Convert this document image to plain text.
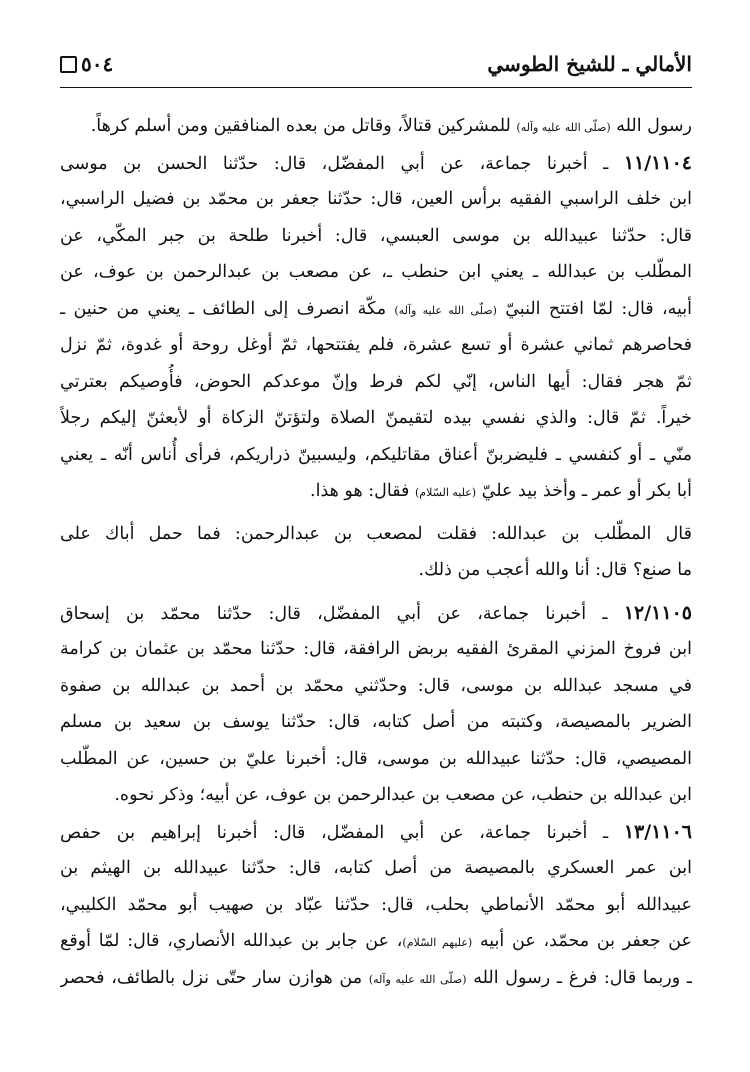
٥٠٤	الأمالي ـ للشيخ الطوسي
رسول الله (صلّى الله عليه وآله) للمشركين قتالاً، وقاتل من بعده المنافقين ومن أسلم كرهاً.
١١/١١٠٤ ـ أخبرنا جماعة، عن أبي المفضّل، قال: حدّثنا الحسن بن موسى
ابن خلف الراسبي الفقيه برأس العين، قال: حدّثنا جعفر بن محمّد بن فضيل الراسبي،
قال: حدّثنا عبيدالله بن موسى العبسي، قال: أخبرنا طلحة بن جبر المكّي، عن
المطّلب بن عبدالله ـ يعني ابن حنطب ـ، عن مصعب بن عبدالرحمن بن عوف، عن
أبيه، قال: لمّا افتتح النبيّ (صلّى الله عليه وآله) مكّة انصرف إلى الطائف ـ يعني من حنين ـ
فحاصرهم ثماني عشرة أو تسع عشرة، فلم يفتتحها، ثمّ أوغل روحة أو غدوة، ثمّ نزل
ثمّ هجر فقال: أيها الناس، إنّي لكم فرط وإنّ موعدكم الحوض، فأُوصيكم بعترتي
خيراً. ثمّ قال: والذي نفسي بيده لتقيمنّ الصلاة ولتؤتنّ الزكاة أو لأبعثنّ إليكم رجلاً
منّي ـ أو كنفسي ـ فليضربنّ أعناق مقاتليكم، وليسبينّ ذراريكم، فرأى أُناس أنّه ـ يعني
أبا بكر أو عمر ـ وأخذ بيد عليّ (عليه السّلام) فقال: هو هذا.
قال المطّلب بن عبدالله: فقلت لمصعب بن عبدالرحمن: فما حمل أباك على
ما صنع؟ قال: أنا والله أعجب من ذلك.
١٢/١١٠٥ ـ أخبرنا جماعة، عن أبي المفضّل، قال: حدّثنا محمّد بن إسحاق
ابن فروخ المزني المقرئ الفقيه بربض الرافقة، قال: حدّثنا محمّد بن عثمان بن كرامة
في مسجد عبدالله بن موسى، قال: وحدّثني محمّد بن أحمد بن عبدالله بن صفوة
الضرير بالمصيصة، وكتبته من أصل كتابه، قال: حدّثنا يوسف بن سعيد بن مسلم
المصيصي، قال: حدّثنا عبيدالله بن موسى، قال: أخبرنا عليّ بن حسين، عن المطّلب
ابن عبدالله بن حنطب، عن مصعب بن عبدالرحمن بن عوف، عن أبيه؛ وذكر نحوه.
١٣/١١٠٦ ـ أخبرنا جماعة، عن أبي المفضّل، قال: أخبرنا إبراهيم بن حفص
ابن عمر العسكري بالمصيصة من أصل كتابه، قال: حدّثنا عبيدالله بن الهيثم بن
عبيدالله أبو محمّد الأنماطي بحلب، قال: حدّثنا عبّاد بن صهيب أبو محمّد الكليبي،
عن جعفر بن محمّد، عن أبيه (عليهم السّلام)، عن جابر بن عبدالله الأنصاري، قال: لمّا أوقع
ـ وربما قال: فرغ ـ رسول الله (صلّى الله عليه وآله) من هوازن سار حتّى نزل بالطائف، فحصر
